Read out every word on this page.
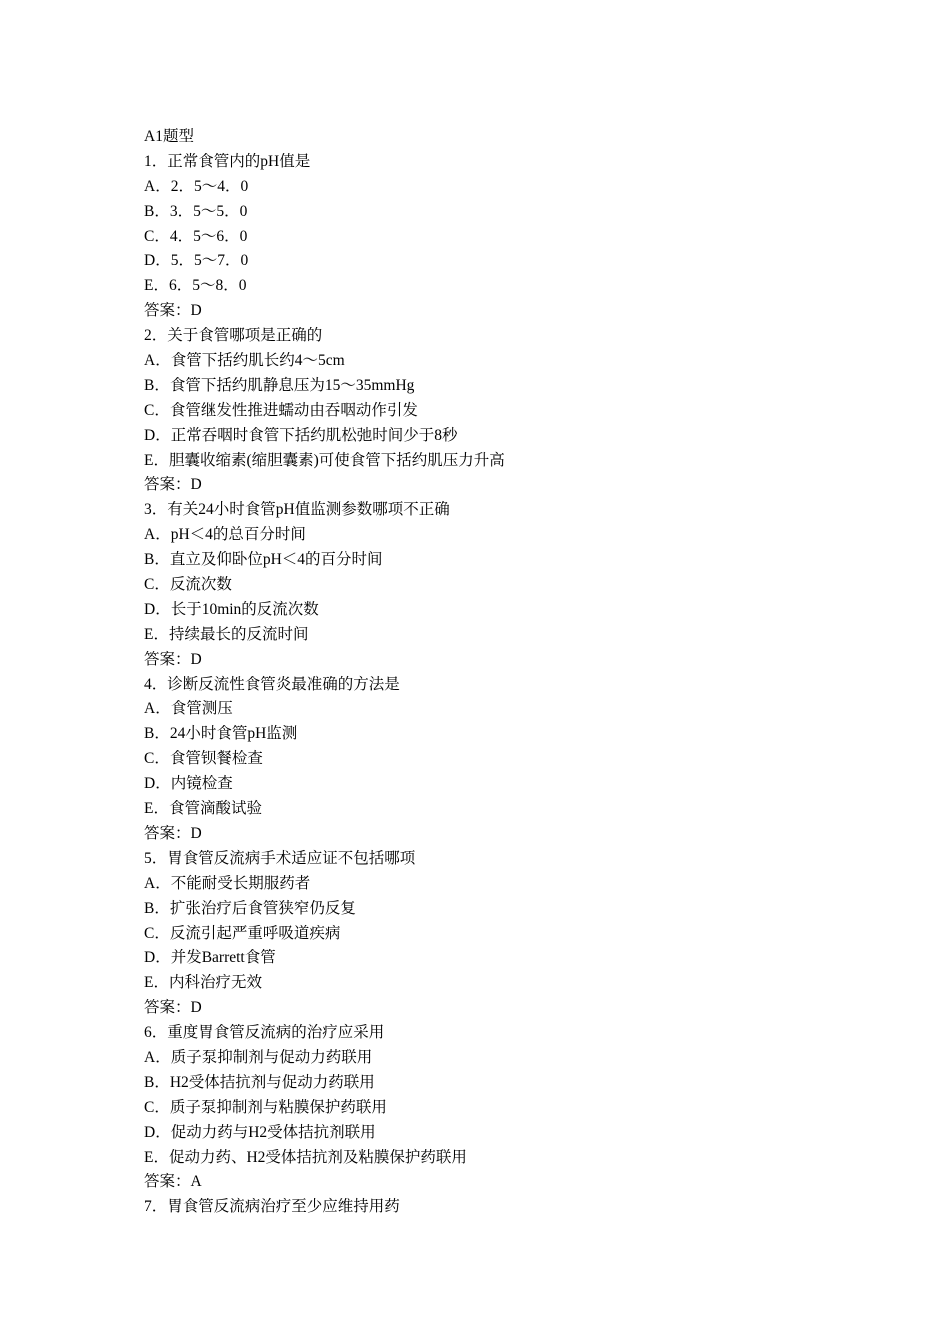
A1题型
1．正常食管内的pH值是
A．2．5～4．0
B．3．5～5．0
C．4．5～6．0
D．5．5～7．0
E．6．5～8．0
答案：D
2．关于食管哪项是正确的
A．食管下括约肌长约4～5cm
B．食管下括约肌静息压为15～35mmHg
C．食管继发性推进蠕动由吞咽动作引发
D．正常吞咽时食管下括约肌松弛时间少于8秒
E．胆囊收缩素(缩胆囊素)可使食管下括约肌压力升高
答案：D
3．有关24小时食管pH值监测参数哪项不正确
A．pH＜4的总百分时间
B．直立及仰卧位pH＜4的百分时间
C．反流次数
D．长于10min的反流次数
E．持续最长的反流时间
答案：D
4．诊断反流性食管炎最准确的方法是
A．食管测压
B．24小时食管pH监测
C．食管钡餐检查
D．内镜检查
E．食管滴酸试验
答案：D
5．胃食管反流病手术适应证不包括哪项
A．不能耐受长期服药者
B．扩张治疗后食管狭窄仍反复
C．反流引起严重呼吸道疾病
D．并发Barrett食管
E．内科治疗无效
答案：D
6．重度胃食管反流病的治疗应采用
A．质子泵抑制剂与促动力药联用
B．H2受体拮抗剂与促动力药联用
C．质子泵抑制剂与粘膜保护药联用
D．促动力药与H2受体拮抗剂联用
E．促动力药、H2受体拮抗剂及粘膜保护药联用
答案：A
7．胃食管反流病治疗至少应维持用药
